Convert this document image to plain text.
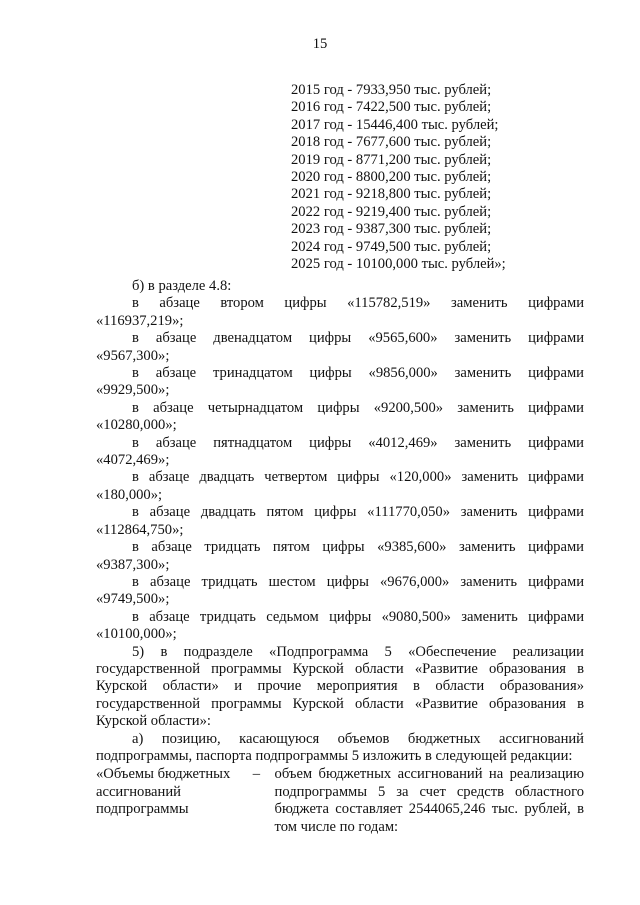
15
2015 год - 7933,950 тыс. рублей;
2016 год - 7422,500 тыс. рублей;
2017 год - 15446,400 тыс. рублей;
2018 год - 7677,600 тыс. рублей;
2019 год - 8771,200 тыс. рублей;
2020 год - 8800,200 тыс. рублей;
2021 год - 9218,800 тыс. рублей;
2022 год - 9219,400 тыс. рублей;
2023 год - 9387,300 тыс. рублей;
2024 год - 9749,500 тыс. рублей;
2025 год - 10100,000 тыс. рублей»;
б) в разделе 4.8:
в абзаце втором цифры «115782,519» заменить цифрами
«116937,219»;
в абзаце двенадцатом цифры «9565,600» заменить цифрами
«9567,300»;
в абзаце тринадцатом цифры «9856,000» заменить цифрами
«9929,500»;
в абзаце четырнадцатом цифры «9200,500» заменить цифрами
«10280,000»;
в абзаце пятнадцатом цифры «4012,469» заменить цифрами
«4072,469»;
в абзаце двадцать четвертом цифры «120,000» заменить цифрами
«180,000»;
в абзаце двадцать пятом цифры «111770,050» заменить цифрами
«112864,750»;
в абзаце тридцать пятом цифры «9385,600» заменить цифрами
«9387,300»;
в абзаце тридцать шестом цифры «9676,000» заменить цифрами
«9749,500»;
в абзаце тридцать седьмом цифры «9080,500» заменить цифрами
«10100,000»;
5) в подразделе «Подпрограмма 5 «Обеспечение реализации государственной программы Курской области «Развитие образования в Курской области» и прочие мероприятия в области образования» государственной программы Курской области «Развитие образования в Курской области»:
а) позицию, касающуюся объемов бюджетных ассигнований подпрограммы, паспорта подпрограммы 5 изложить в следующей редакции:
«Объемы бюджетных ассигнований подпрограммы
– объем бюджетных ассигнований на реализацию подпрограммы 5 за счет средств областного бюджета составляет 2544065,246 тыс. рублей, в том числе по годам:
